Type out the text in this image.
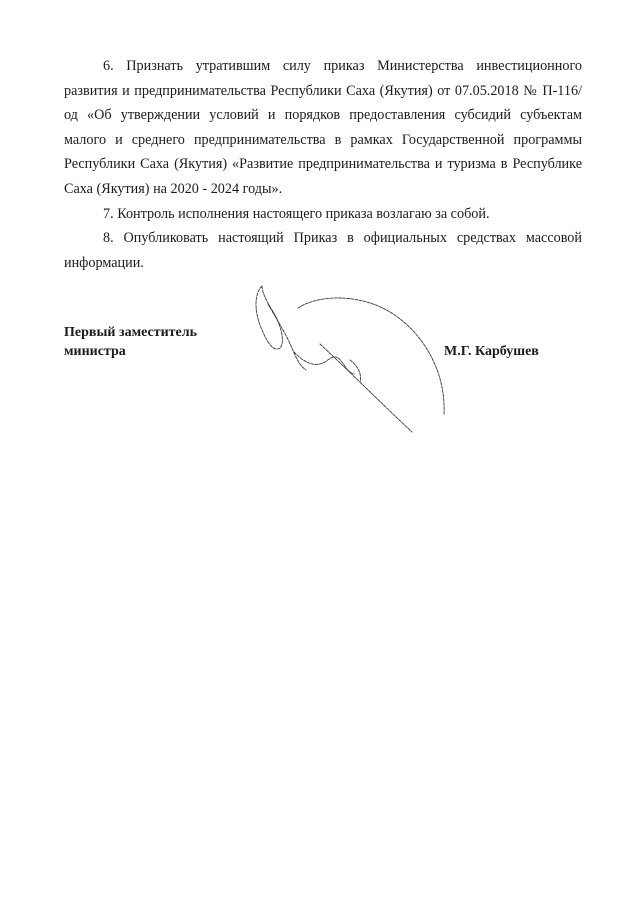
6. Признать утратившим силу приказ Министерства инвестиционного развития и предпринимательства Республики Саха (Якутия) от 07.05.2018 № П-116/од «Об утверждении условий и порядков предоставления субсидий субъектам малого и среднего предпринимательства в рамках Государственной программы Республики Саха (Якутия) «Развитие предпринимательства и туризма в Республике Саха (Якутия) на 2020 - 2024 годы».

7. Контроль исполнения настоящего приказа возлагаю за собой.

8. Опубликовать настоящий Приказ в официальных средствах массовой информации.

Первый заместитель
министра	М.Г. Карбушев
